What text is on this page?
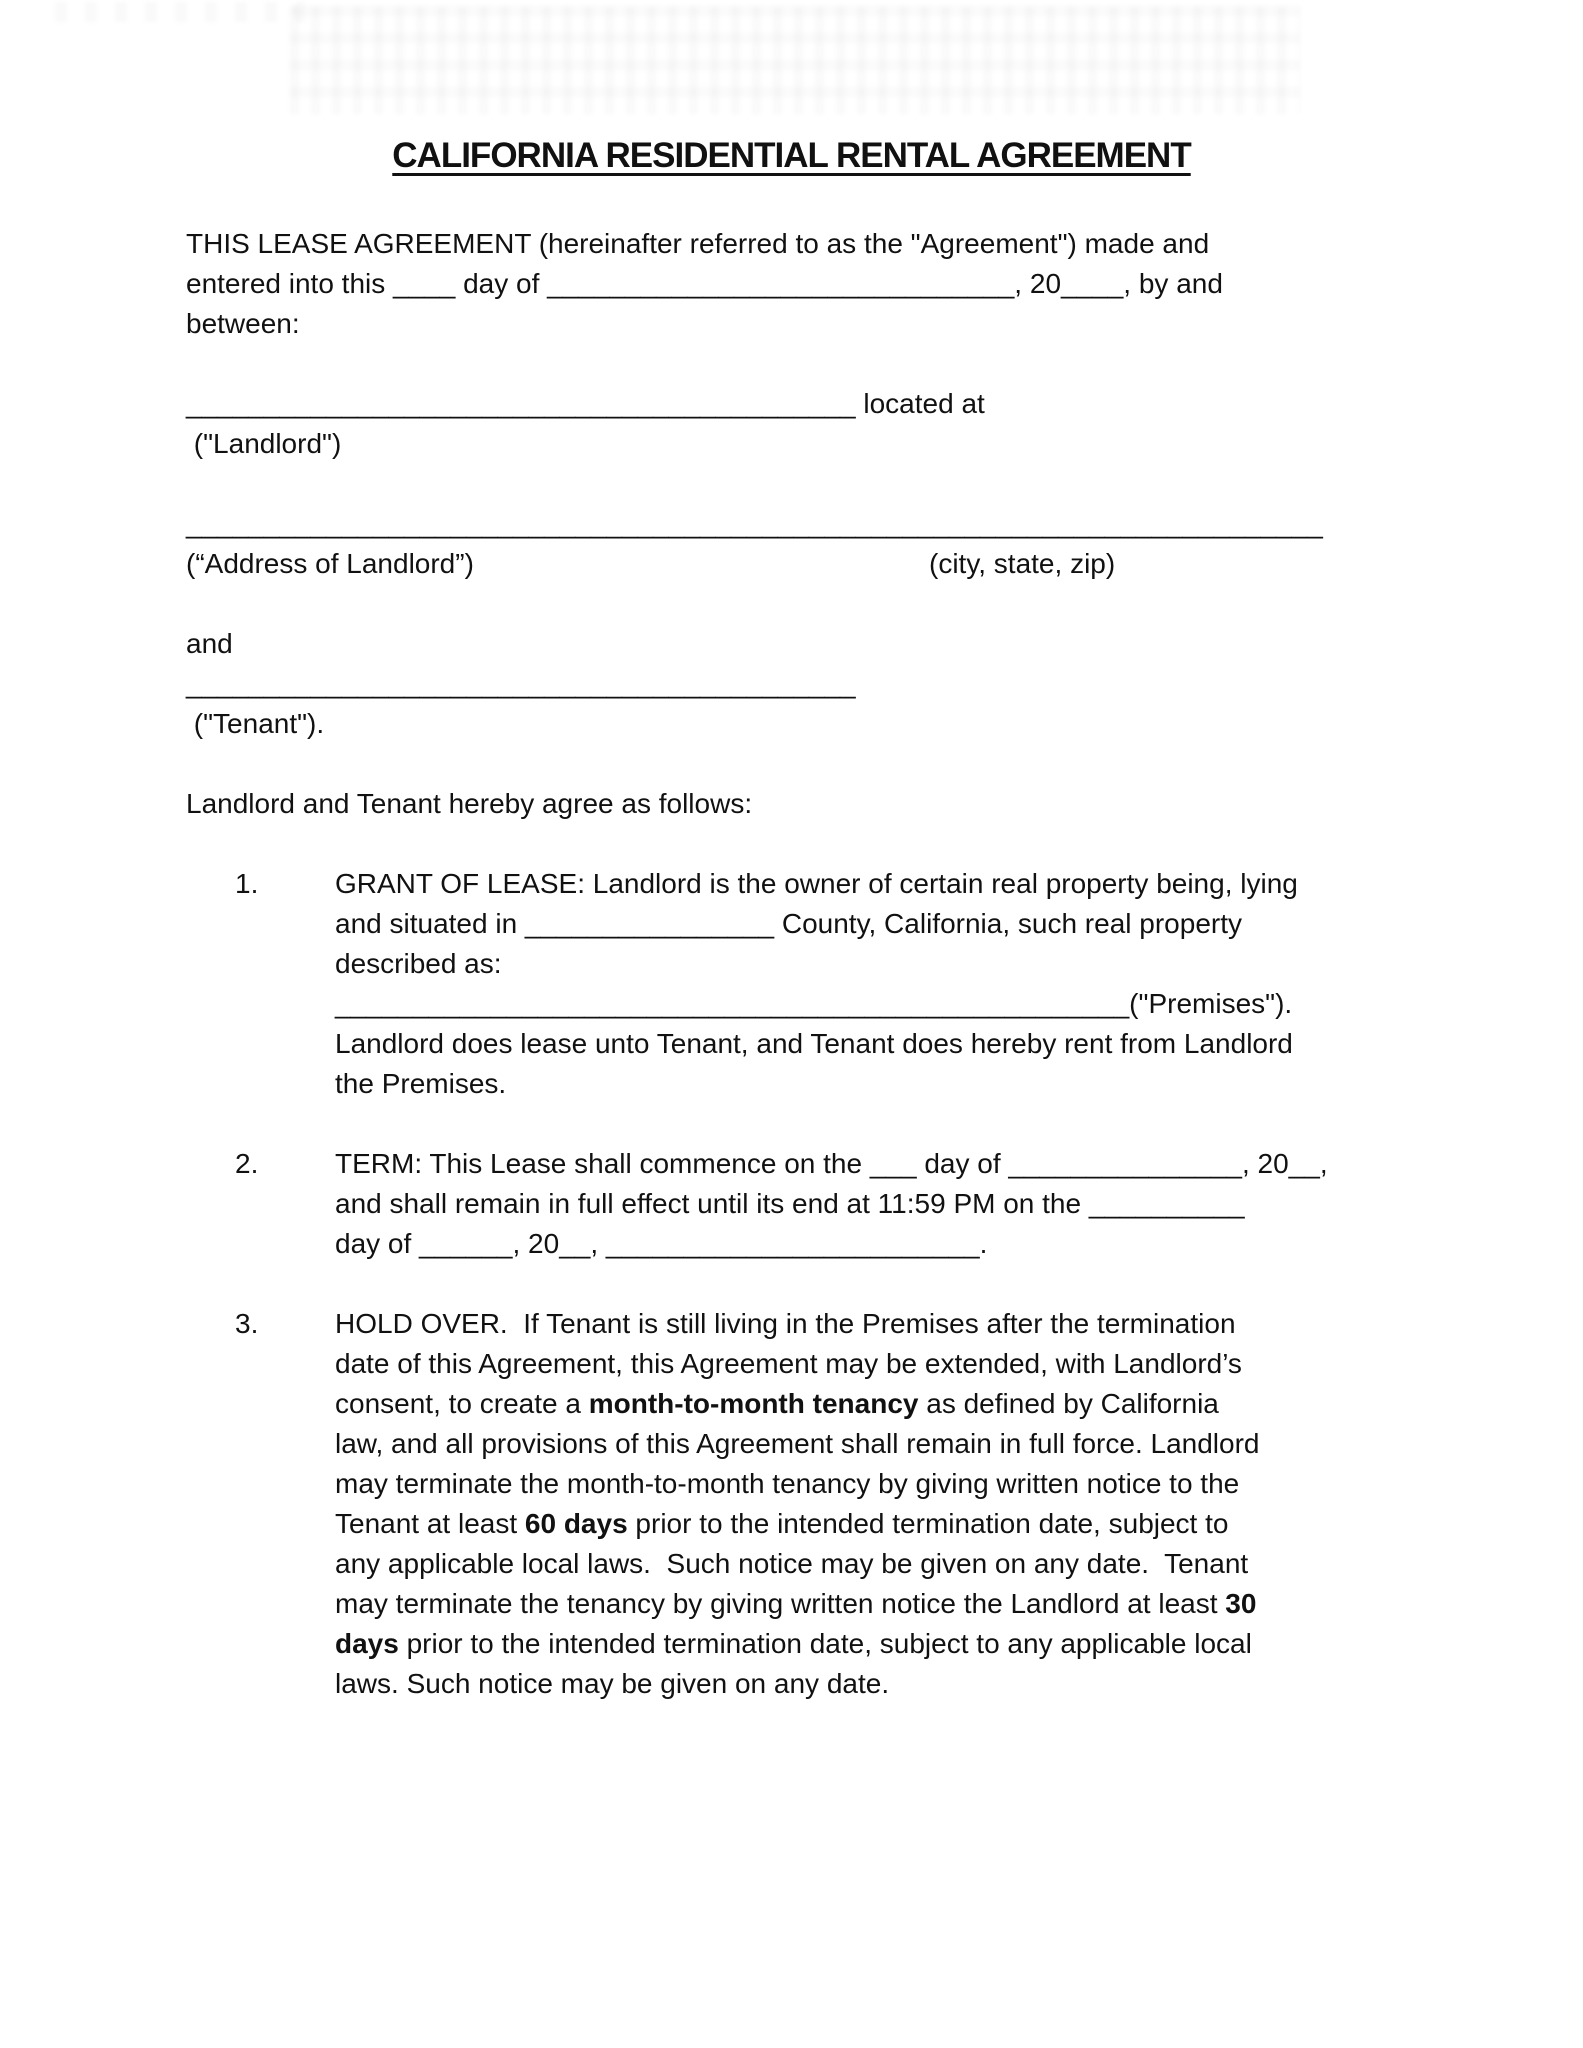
CALIFORNIA RESIDENTIAL RENTAL AGREEMENT
THIS LEASE AGREEMENT (hereinafter referred to as the "Agreement") made and
entered into this ____ day of ______________________________, 20____, by and
between:
___________________________________________ located at
("Landlord")
_________________________________________________________________________
(“Address of Landlord”)	(city, state, zip)
and
___________________________________________
("Tenant").
Landlord and Tenant hereby agree as follows:
1.	GRANT OF LEASE: Landlord is the owner of certain real property being, lying
and situated in ________________ County, California, such real property
described as:
___________________________________________________("Premises").
Landlord does lease unto Tenant, and Tenant does hereby rent from Landlord
the Premises.
2.	TERM: This Lease shall commence on the ___ day of _______________, 20__,
and shall remain in full effect until its end at 11:59 PM on the __________
day of ______, 20__, ________________________.
3.	HOLD OVER.  If Tenant is still living in the Premises after the termination
date of this Agreement, this Agreement may be extended, with Landlord’s
consent, to create a month-to-month tenancy as defined by California
law, and all provisions of this Agreement shall remain in full force. Landlord
may terminate the month-to-month tenancy by giving written notice to the
Tenant at least 60 days prior to the intended termination date, subject to
any applicable local laws.  Such notice may be given on any date.  Tenant
may terminate the tenancy by giving written notice the Landlord at least 30
days prior to the intended termination date, subject to any applicable local
laws. Such notice may be given on any date.
